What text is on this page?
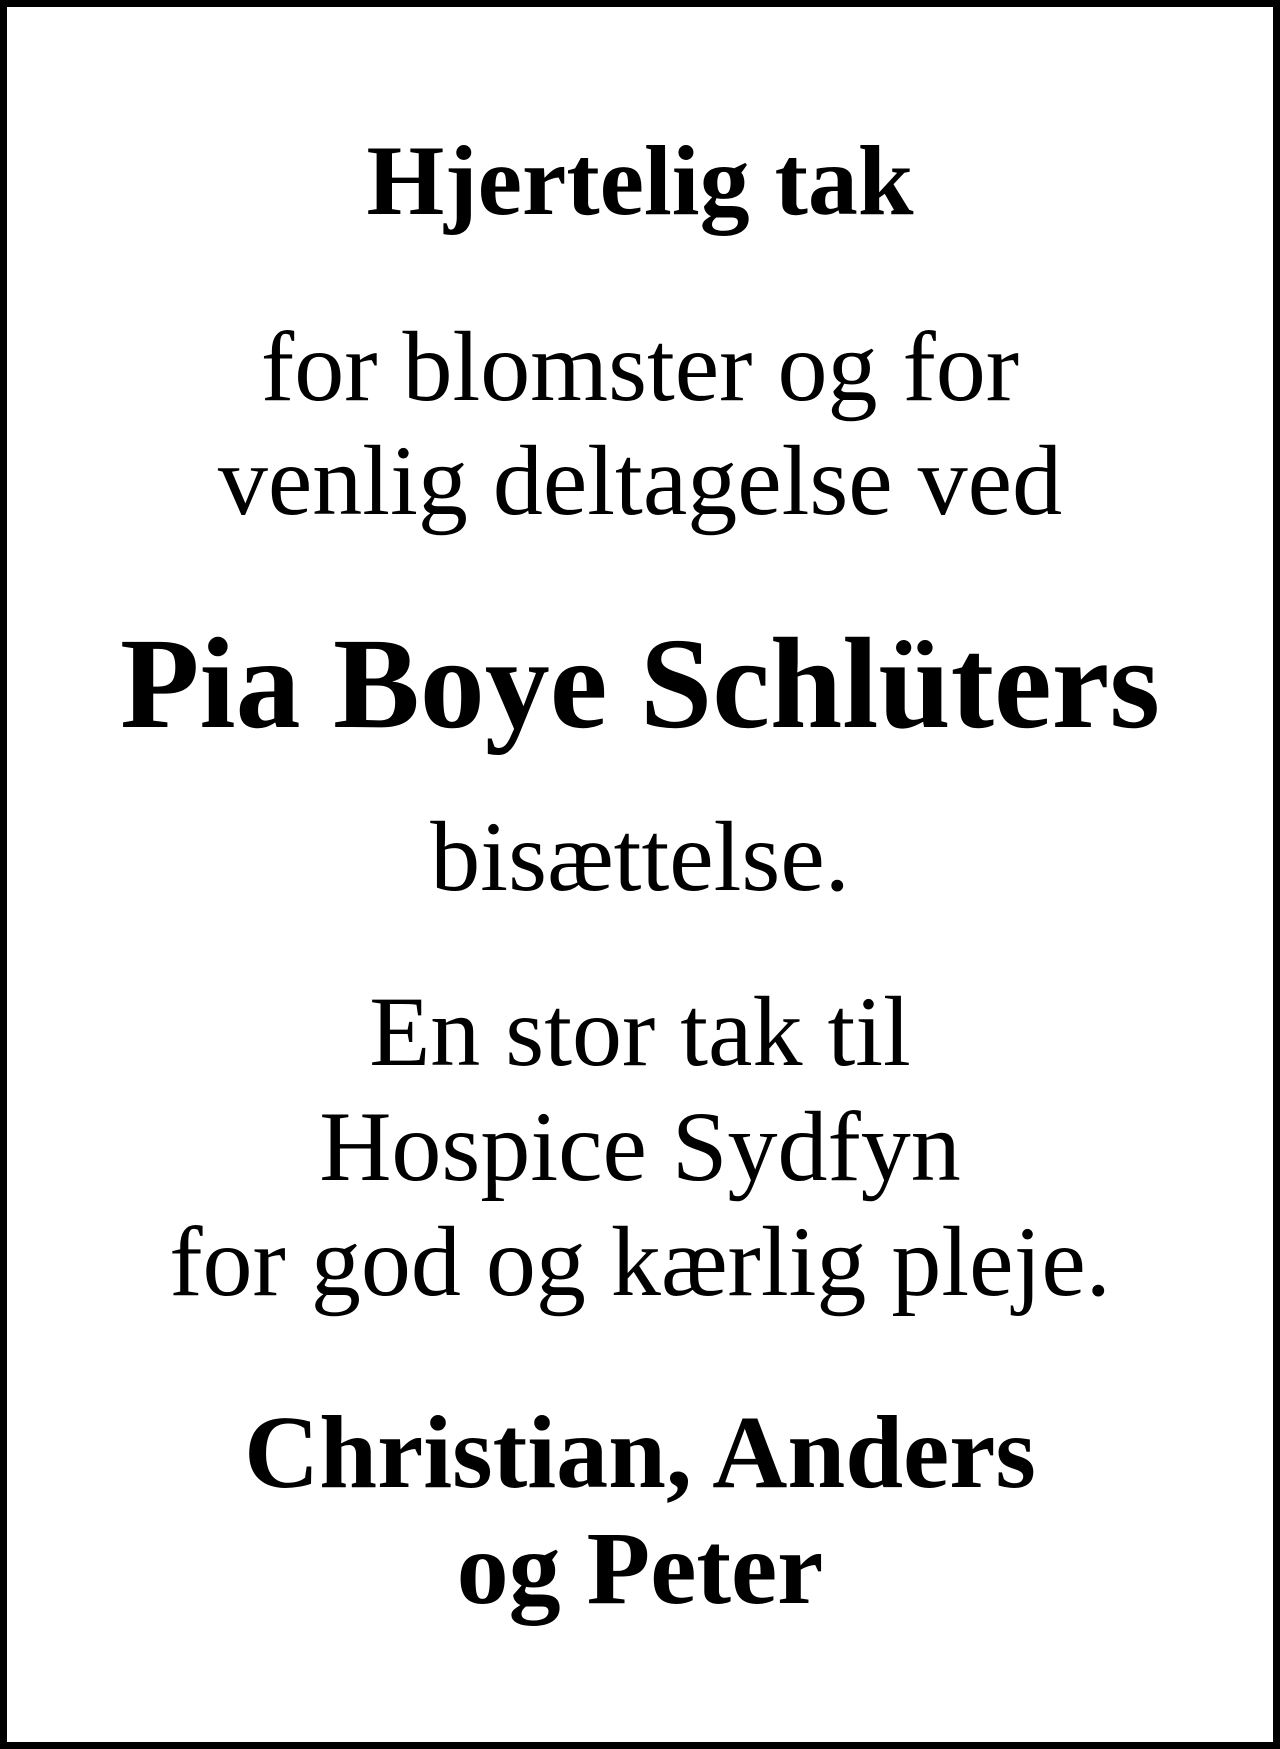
Hjertelig tak
for blomster og for
venlig deltagelse ved
Pia Boye Schlüters
bisættelse.
En stor tak til
Hospice Sydfyn
for god og kærlig pleje.
Christian, Anders
og Peter
